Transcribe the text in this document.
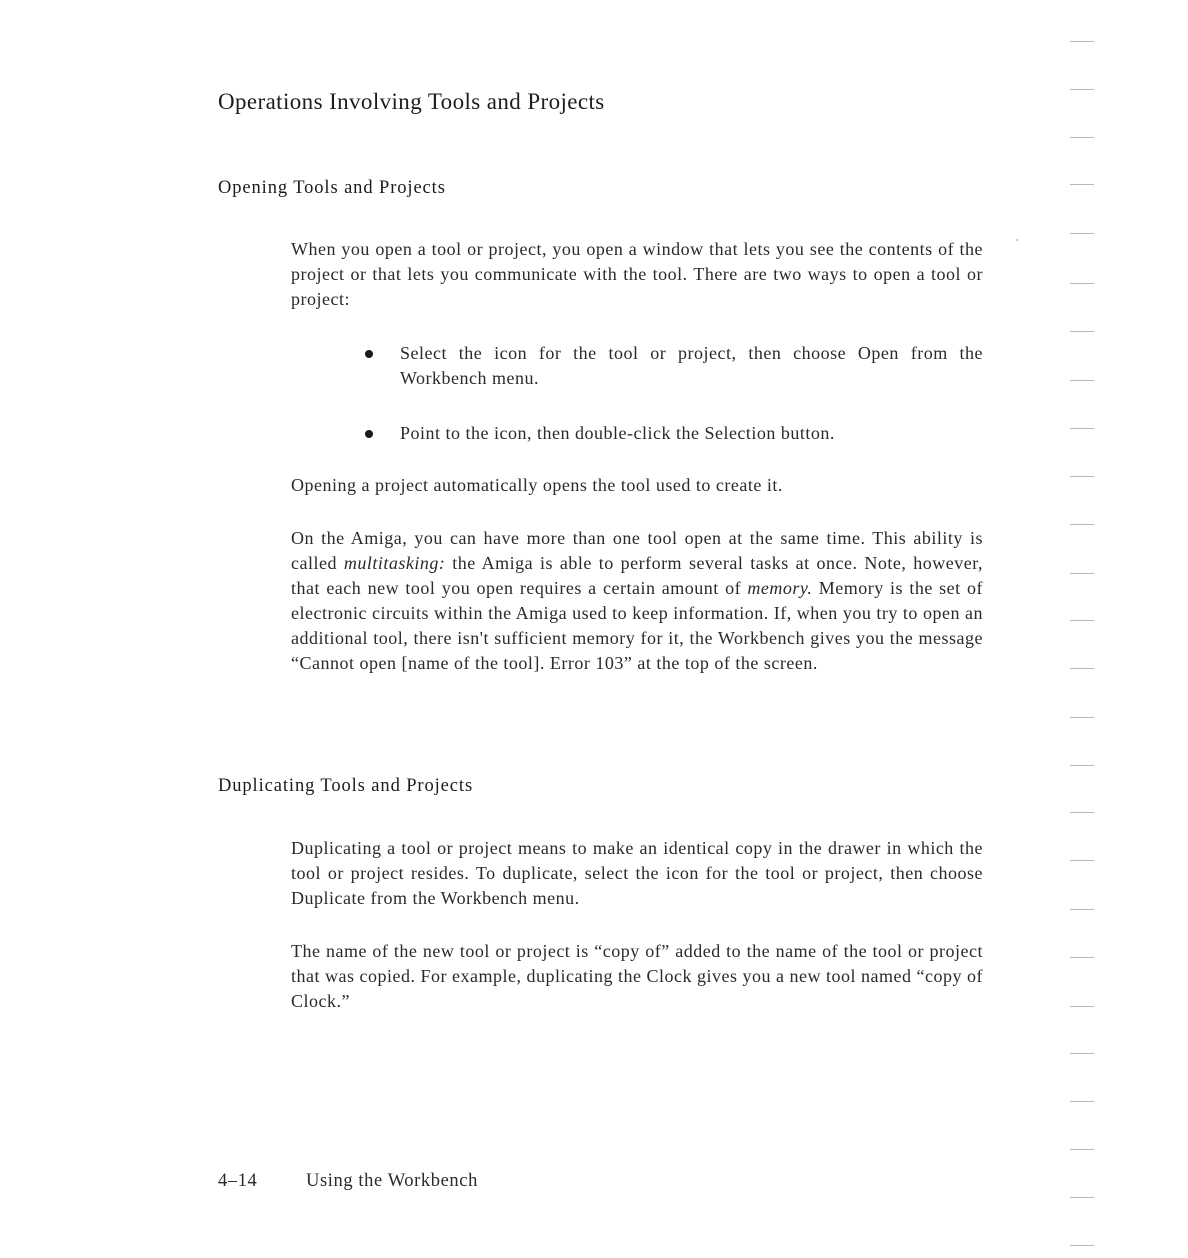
Operations Involving Tools and Projects
Opening Tools and Projects

When you open a tool or project, you open a window that lets you see the contents of the project or that lets you communicate with the tool. There are two ways to open a tool or project:

Select the icon for the tool or project, then choose Open from the Workbench menu.
Point to the icon, then double-click the Selection button.

Opening a project automatically opens the tool used to create it.

On the Amiga, you can have more than one tool open at the same time. This ability is called multitasking: the Amiga is able to perform several tasks at once. Note, however, that each new tool you open requires a certain amount of memory. Memory is the set of electronic circuits within the Amiga used to keep information. If, when you try to open an additional tool, there isn't sufficient memory for it, the Workbench gives you the message “Cannot open [name of the tool]. Error 103” at the top of the screen.

Duplicating Tools and Projects

Duplicating a tool or project means to make an identical copy in the drawer in which the tool or project resides. To duplicate, select the icon for the tool or project, then choose Duplicate from the Workbench menu.

The name of the new tool or project is “copy of” added to the name of the tool or project that was copied. For example, duplicating the Clock gives you a new tool named “copy of Clock.”

4–14	Using the Workbench
